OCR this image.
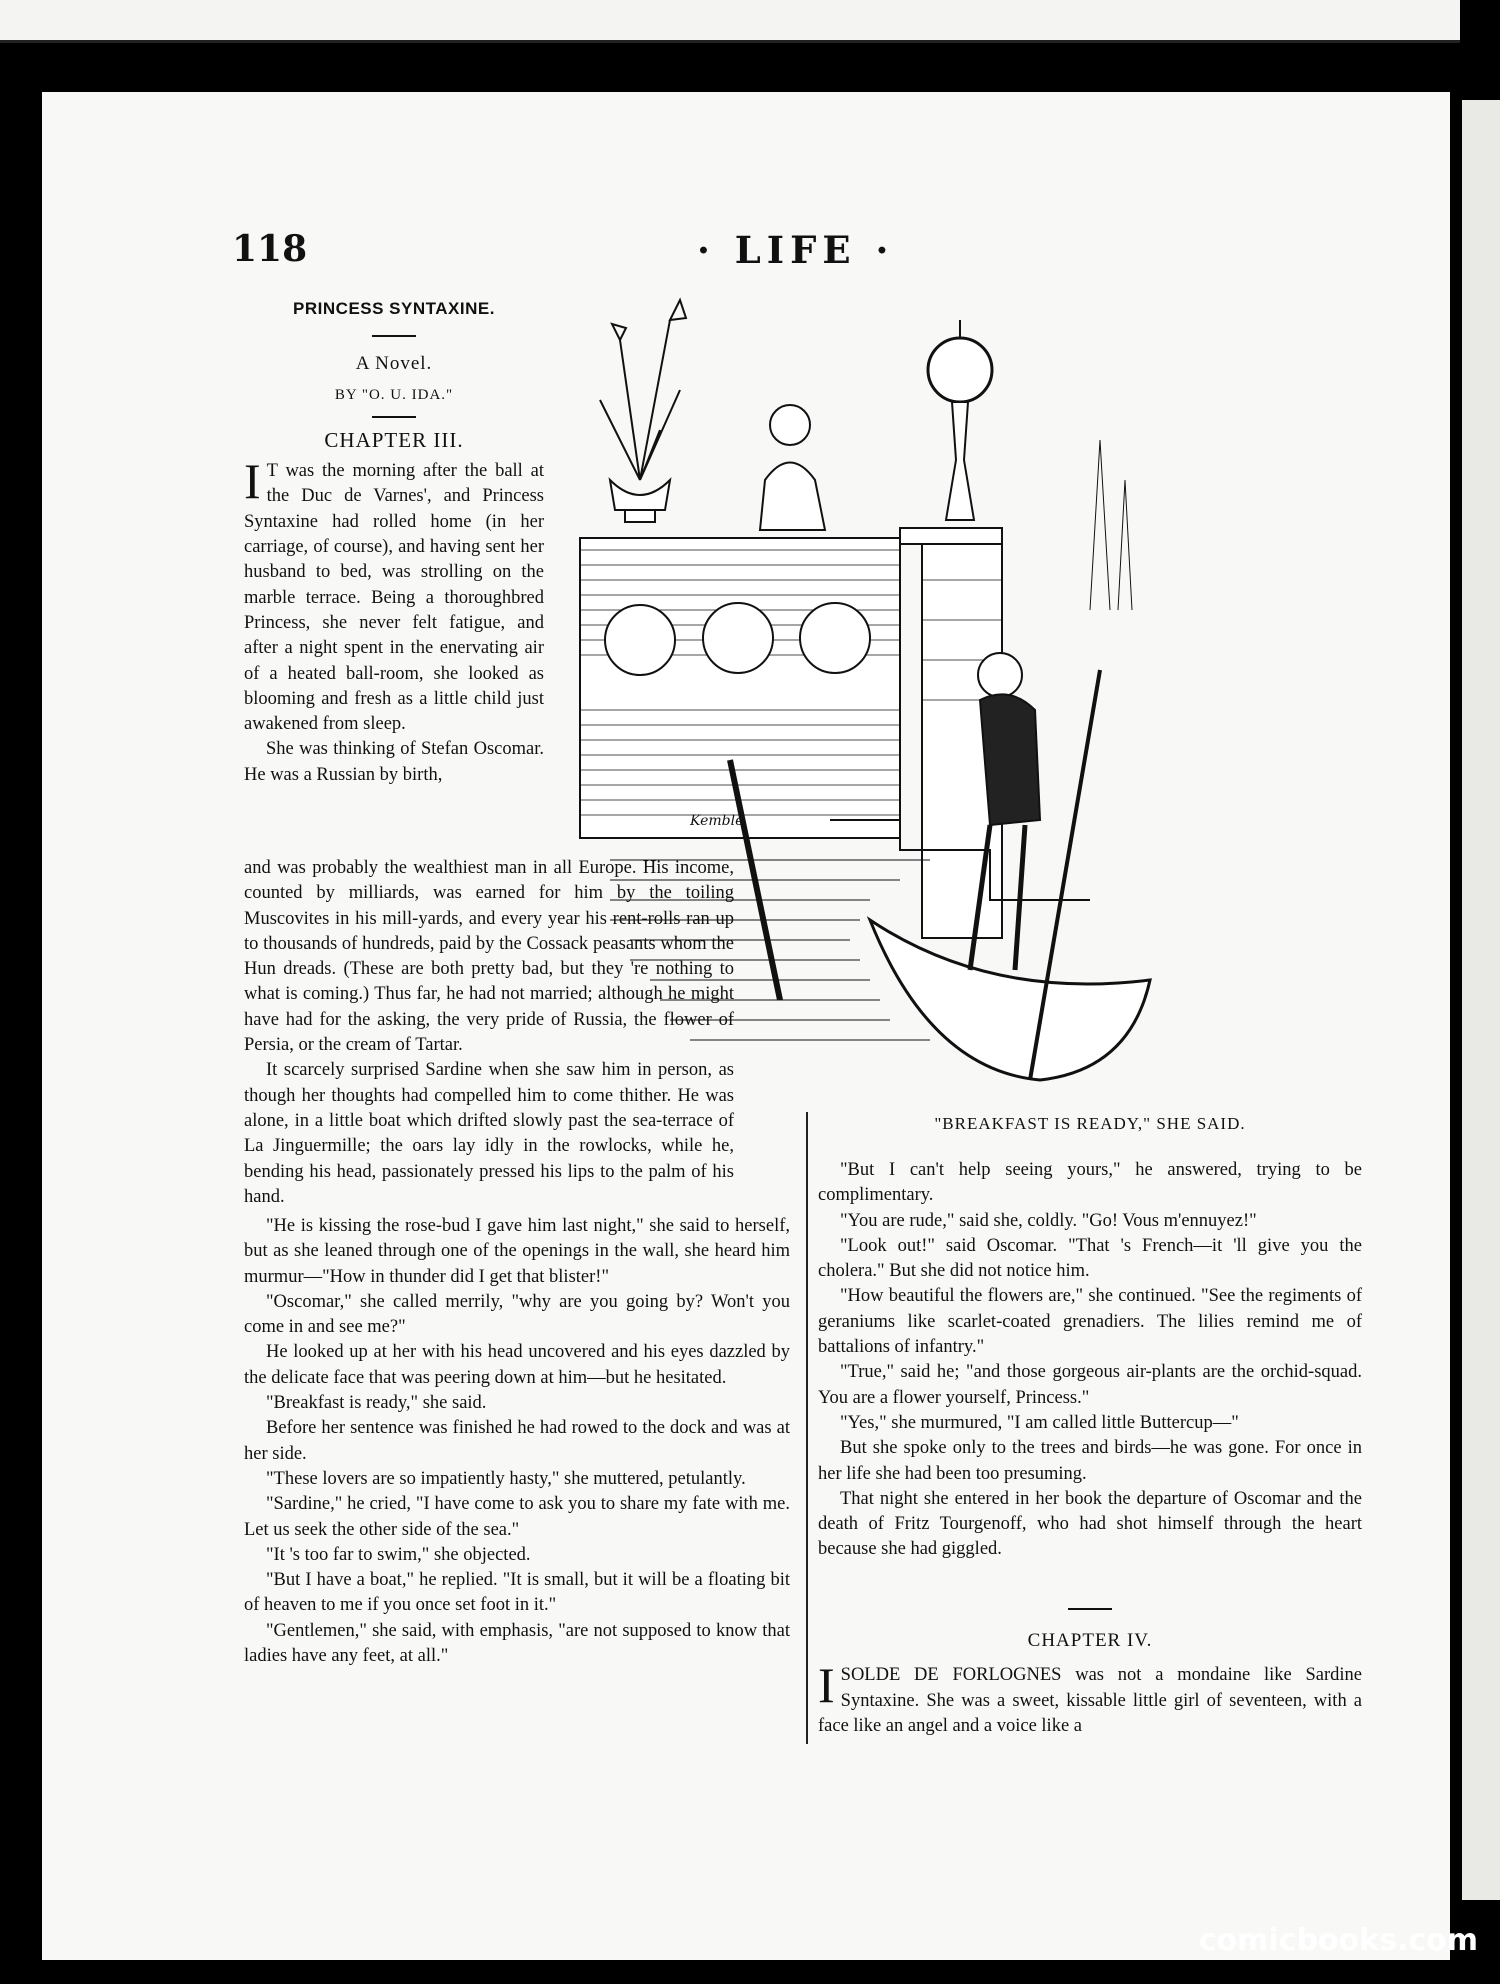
118	· LIFE ·
PRINCESS SYNTAXINE.
A Novel.
BY "O. U. IDA."
CHAPTER III.

I T was the morning after the ball at the Duc de Varnes', and Princess Syntaxine had rolled home (in her carriage, of course), and having sent her husband to bed, was strolling on the marble terrace. Being a thoroughbred Princess, she never felt fatigue, and after a night spent in the enervating air of a heated ball-room, she looked as blooming and fresh as a little child just awakened from sleep.

She was thinking of Stefan Oscomar. He was a Russian by birth,

and was probably the wealthiest man in all Europe. His income, counted by milliards, was earned for him by the toiling Muscovites in his mill-yards, and every year his rent-rolls ran up to thousands of hundreds, paid by the Cossack peasants whom the Hun dreads. (These are both pretty bad, but they 're nothing to what is coming.) Thus far, he had not married; although he might have had for the asking, the very pride of Russia, the flower of Persia, or the cream of Tartar.

It scarcely surprised Sardine when she saw him in person, as though her thoughts had compelled him to come thither. He was alone, in a little boat which drifted slowly past the sea-terrace of La Jinguermille; the oars lay idly in the rowlocks, while he, bending his head, passionately pressed his lips to the palm of his hand.

"He is kissing the rose-bud I gave him last night," she said to herself, but as she leaned through one of the openings in the wall, she heard him murmur—"How in thunder did I get that blister!"

"Oscomar," she called merrily, "why are you going by? Won't you come in and see me?"

He looked up at her with his head uncovered and his eyes dazzled by the delicate face that was peering down at him—but he hesitated.

"Breakfast is ready," she said.

Before her sentence was finished he had rowed to the dock and was at her side.

"These lovers are so impatiently hasty," she muttered, petulantly.

"Sardine," he cried, "I have come to ask you to share my fate with me. Let us seek the other side of the sea."

"It 's too far to swim," she objected.

"But I have a boat," he replied. "It is small, but it will be a floating bit of heaven to me if you once set foot in it."

"Gentlemen," she said, with emphasis, "are not supposed to know that ladies have any feet, at all."

Kemble
"BREAKFAST IS READY," SHE SAID.

"But I can't help seeing yours," he answered, trying to be complimentary.

"You are rude," said she, coldly. "Go! Vous m'ennuyez!"

"Look out!" said Oscomar. "That 's French—it 'll give you the cholera." But she did not notice him.

"How beautiful the flowers are," she continued. "See the regiments of geraniums like scarlet-coated grenadiers. The lilies remind me of battalions of infantry."

"True," said he; "and those gorgeous air-plants are the orchid-squad. You are a flower yourself, Princess."

"Yes," she murmured, "I am called little Buttercup—"

But she spoke only to the trees and birds—he was gone. For once in her life she had been too presuming.

That night she entered in her book the departure of Oscomar and the death of Fritz Tourgenoff, who had shot himself through the heart because she had giggled.

CHAPTER IV.

ISOLDE DE FORLOGNES was not a mondaine like Sardine Syntaxine. She was a sweet, kissable little girl of seventeen, with a face like an angel and a voice like a

comicbooks.com
